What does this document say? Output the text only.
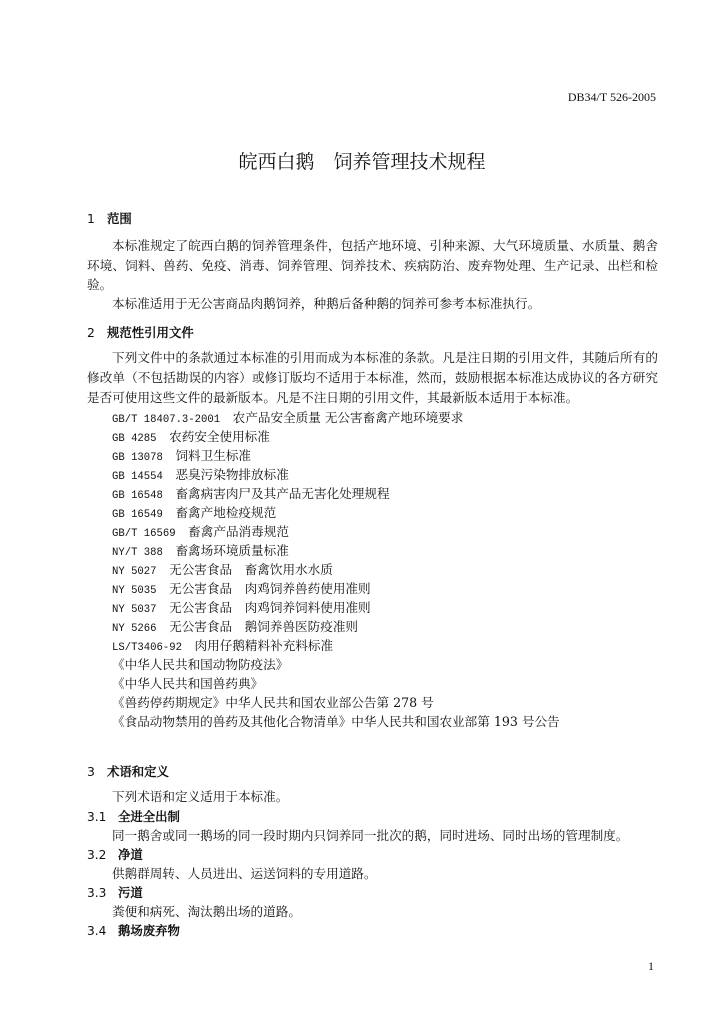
DB34/T 526-2005
皖西白鹅　饲养管理技术规程
1 范围

本标准规定了皖西白鹅的饲养管理条件，包括产地环境、引种来源、大气环境质量、水质量、鹅舍环境、饲料、兽药、免疫、消毒、饲养管理、饲养技术、疾病防治、废弃物处理、生产记录、出栏和检验。

本标准适用于无公害商品肉鹅饲养，种鹅后备种鹅的饲养可参考本标准执行。

2 规范性引用文件

下列文件中的条款通过本标准的引用而成为本标准的条款。凡是注日期的引用文件，其随后所有的修改单（不包括勘误的内容）或修订版均不适用于本标准，然而，鼓励根据本标准达成协议的各方研究是否可使用这些文件的最新版本。凡是不注日期的引用文件，其最新版本适用于本标准。

GB/T 18407.3-2001 农产品安全质量 无公害畜禽产地环境要求
GB 4285 农药安全使用标准
GB 13078 饲料卫生标准
GB 14554 恶臭污染物排放标准
GB 16548 畜禽病害肉尸及其产品无害化处理规程
GB 16549 畜禽产地检疫规范
GB/T 16569 畜禽产品消毒规范
NY/T 388 畜禽场环境质量标准
NY 5027 无公害食品　畜禽饮用水水质
NY 5035 无公害食品　肉鸡饲养兽药使用准则
NY 5037 无公害食品　肉鸡饲养饲料使用准则
NY 5266 无公害食品　鹅饲养兽医防疫准则
LS/T3406-92 肉用仔鹅精料补充料标准
《中华人民共和国动物防疫法》
《中华人民共和国兽药典》
《兽药停药期规定》中华人民共和国农业部公告第 278 号
《食品动物禁用的兽药及其他化合物清单》中华人民共和国农业部第 193 号公告
3 术语和定义
下列术语和定义适用于本标准。
3.1 全进全出制
同一鹅舍或同一鹅场的同一段时期内只饲养同一批次的鹅，同时进场、同时出场的管理制度。
3.2 净道
供鹅群周转、人员进出、运送饲料的专用道路。
3.3 污道
粪便和病死、淘汰鹅出场的道路。
3.4 鹅场废弃物
1
